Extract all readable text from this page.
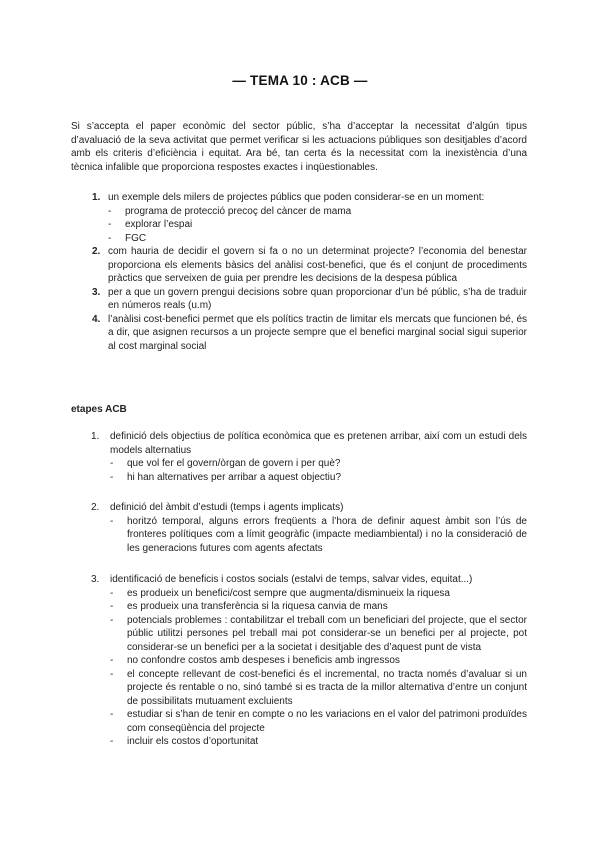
— TEMA 10 : ACB —

Si s’accepta el paper econòmic del sector públic, s’ha d’acceptar la necessitat d’algún tipus d’avaluació de la seva activitat que permet verificar si les actuacions públiques son desitjables d’acord amb els criteris d’eficiència i equitat. Ara bé, tan certa és la necessitat com la inexistència d’una tècnica infalible que proporciona respostes exactes i inqüestionables.

1. un exemple dels milers de projectes públics que poden considerar-se en un moment:
- programa de protecció precoç del càncer de mama
- explorar l’espai
- FGC
2. com hauria de decidir el govern si fa o no un determinat projecte? l’economia del benestar proporciona els elements bàsics del anàlisi cost-benefici, que és el conjunt de procediments pràctics que serveixen de guia per prendre les decisions de la despesa pública
3. per a que un govern prengui decisions sobre quan proporcionar d’un bé públic, s’ha de traduir en números reals (u.m)
4. l’anàlisi cost-benefici permet que els polítics tractin de limitar els mercats que funcionen bé, és a dir, que asignen recursos a un projecte sempre que el benefici marginal social sigui superior al cost marginal social
etapes ACB
1. definició dels objectius de política econòmica que es pretenen arribar, així com un estudi dels models alternatius
- que vol fer el govern/òrgan de govern i per què?
- hi han alternatives per arribar a aquest objectiu?
2. definició del àmbit d’estudi (temps i agents implicats)
- horitzó temporal, alguns errors freqüents a l’hora de definir aquest àmbit son l’ús de fronteres polítiques com a límit geogràfic (impacte mediambiental) i no la consideració de les generacions futures com agents afectats
3. identificació de beneficis i costos socials (estalvi de temps, salvar vides, equitat...)
- es produeix un benefici/cost sempre que augmenta/disminueix la riquesa
- es produeix una transferència si la riquesa canvia de mans
- potencials problemes : contabilitzar el treball com un beneficiari del projecte, que el sector públic utilitzi persones pel treball mai pot considerar-se un benefici per al projecte, pot considerar-se un benefici per a la societat i desitjable des d’aquest punt de vista
- no confondre costos amb despeses i beneficis amb ingressos
- el concepte rellevant de cost-benefici és el incremental, no tracta només d’avaluar si un projecte és rentable o no, sinó també si es tracta de la millor alternativa d’entre un conjunt de possibilitats mutuament excluients
- estudiar si s’han de tenir en compte o no les variacions en el valor del patrimoni produïdes com conseqüència del projecte
- incluir els costos d’oportunitat
